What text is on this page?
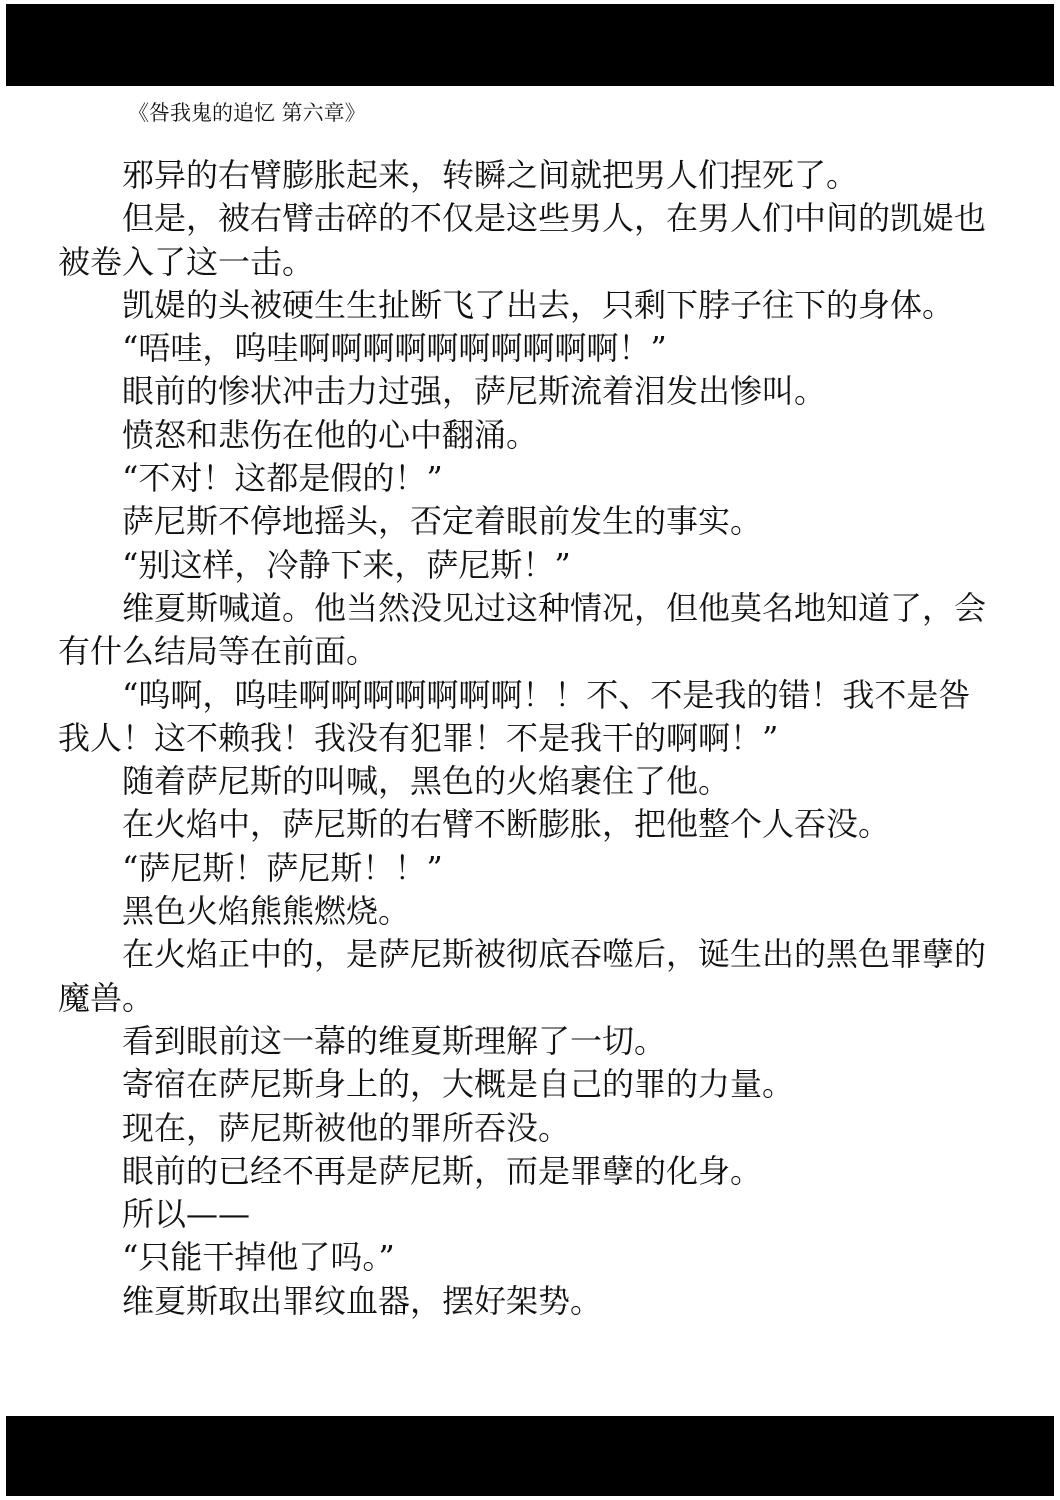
《咎我鬼的追忆 第六章》

邪异的右臂膨胀起来，转瞬之间就把男人们捏死了。

但是，被右臂击碎的不仅是这些男人，在男人们中间的凯媞也被卷入了这一击。

凯媞的头被硬生生扯断飞了出去，只剩下脖子往下的身体。

“唔哇，呜哇啊啊啊啊啊啊啊啊啊啊！”

眼前的惨状冲击力过强，萨尼斯流着泪发出惨叫。

愤怒和悲伤在他的心中翻涌。

“不对！这都是假的！”

萨尼斯不停地摇头，否定着眼前发生的事实。

“别这样，冷静下来，萨尼斯！”

维夏斯喊道。他当然没见过这种情况，但他莫名地知道了，会有什么结局等在前面。

“呜啊，呜哇啊啊啊啊啊啊啊！！不、不是我的错！我不是咎我人！这不赖我！我没有犯罪！不是我干的啊啊！”

随着萨尼斯的叫喊，黑色的火焰裹住了他。

在火焰中，萨尼斯的右臂不断膨胀，把他整个人吞没。

“萨尼斯！萨尼斯！！”

黑色火焰熊熊燃烧。

在火焰正中的，是萨尼斯被彻底吞噬后，诞生出的黑色罪孽的魔兽。

看到眼前这一幕的维夏斯理解了一切。

寄宿在萨尼斯身上的，大概是自己的罪的力量。

现在，萨尼斯被他的罪所吞没。

眼前的已经不再是萨尼斯，而是罪孽的化身。

所以——

“只能干掉他了吗。”

维夏斯取出罪纹血器，摆好架势。
